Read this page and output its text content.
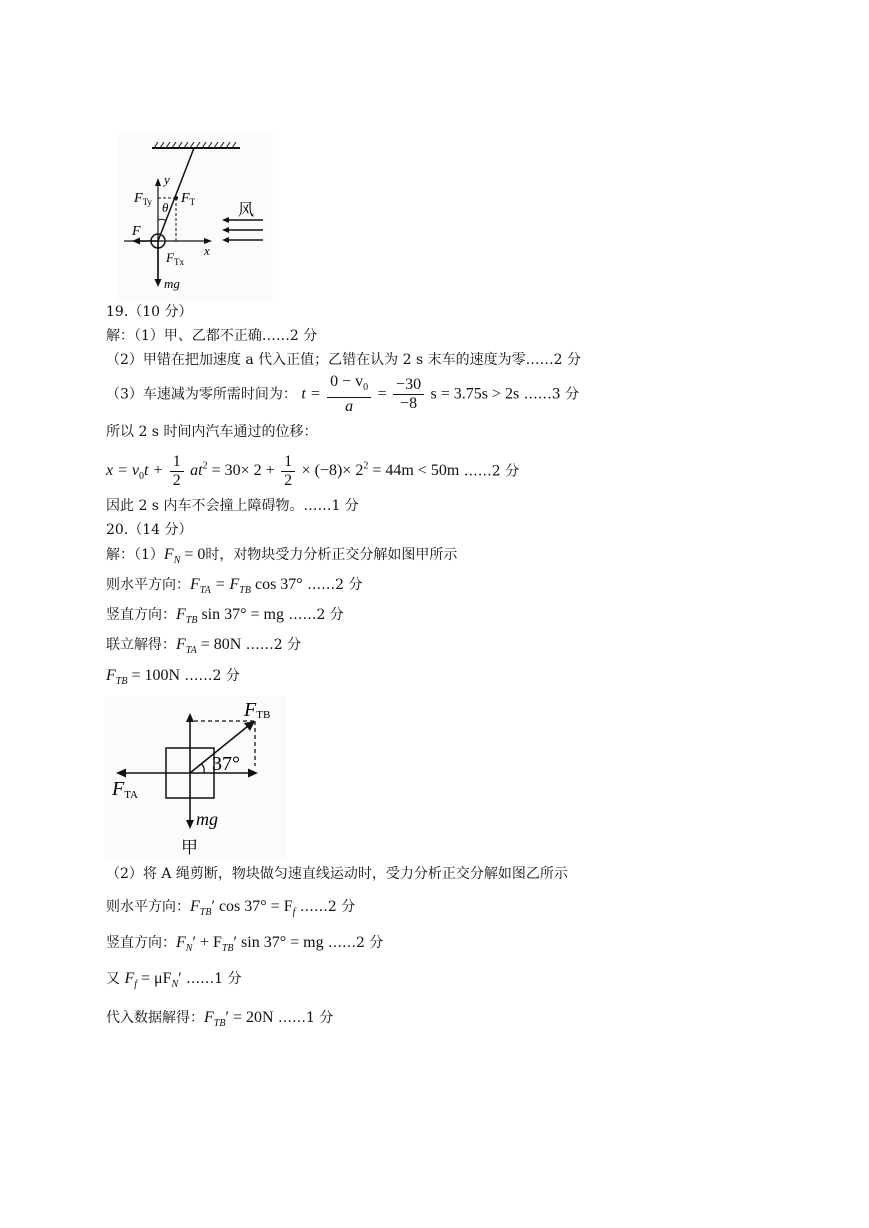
$F_{Ty}$
y
θ
$F_T$	风
F
x
$F_{Tx}$
mg
19.（10 分）
解：（1）甲、乙都不正确……2 分
（2）甲错在把加速度 a 代入正值；乙错在认为 2 s 末车的速度为零……2 分
（3）车速减为零所需时间为： $t = \frac{0 - v_0}{a} = \frac{-30}{-8}$ s = 3.75s > 2s ……3 分
所以 2 s 时间内汽车通过的位移：
$x = v_0t + \frac{1}{2} at^2 = 30\times 2 + \frac{1}{2} \times (-8)\times 2^2 = 44m < 50m$ ……2 分
因此 2 s 内车不会撞上障碍物。……1 分
20.（14 分）
解：$(1)F_N = 0$时，对物块受力分析正交分解如图甲所示
则水平方向：$F_{TA} = F_{TB}$ cos 37° ……2 分
竖直方向：$F_{TB}$ sin 37° = mg ……2 分
联立解得：$F_{TA} = 80N$ ……2 分
$F_{TB} = 100N$ ……2 分
FTB
37°
FTA
mg
甲
（2）将 A 绳剪断，物块做匀速直线运动时，受力分析正交分解如图乙所示
则水平方向：$F_{TB}'$ $\cos 37^\circ = F_f$ ……2 分
竖直方向：$F_N' + F_{TB}'$ sin 37° = mg ……2 分
又 $F_f = \mu F_N'$ ……1 分
代入数据解得：$F_{TB}' = 20N$ ……1 分
